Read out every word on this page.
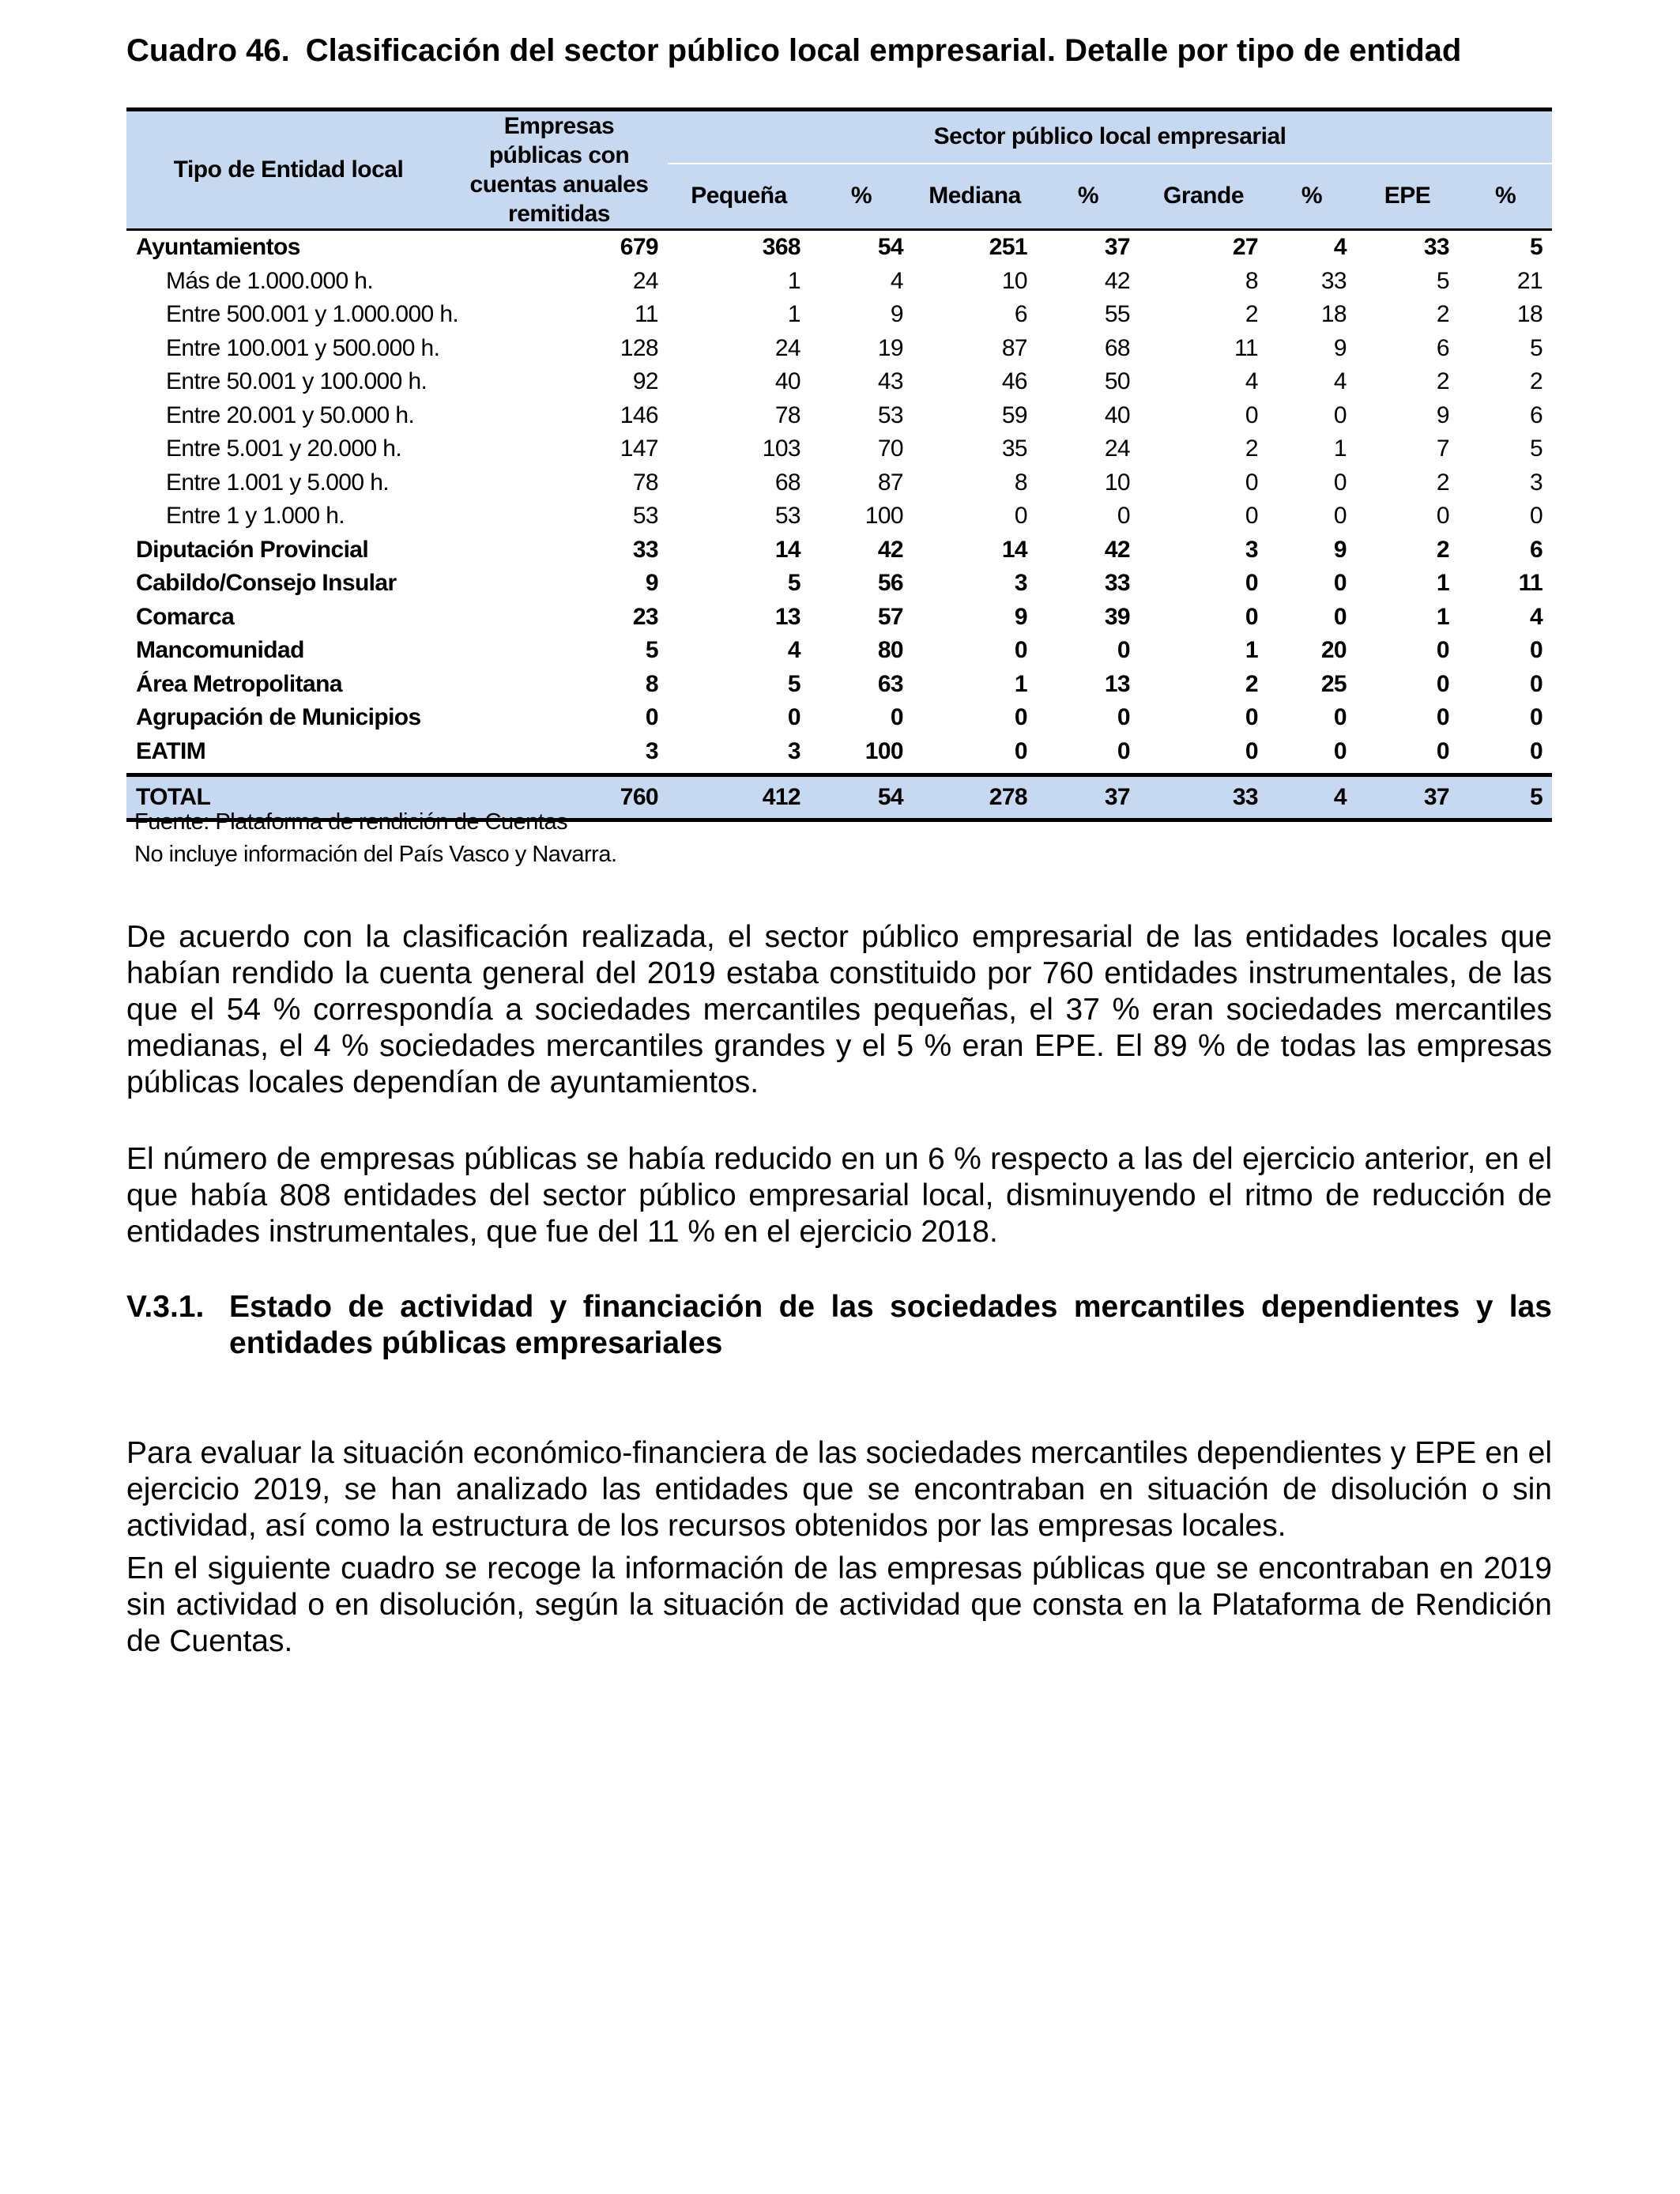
Cuadro 46. Clasificación del sector público local empresarial. Detalle por tipo de entidad
Tipo de Entidad local	Empresas públicas con cuentas anuales remitidas	Sector público local empresarial							
		Pequeña	%	Mediana	%	Grande	%	EPE	%
Ayuntamientos	679	368	54	251	37	27	4	33	5
Más de 1.000.000 h.	24	1	4	10	42	8	33	5	21
Entre 500.001 y 1.000.000 h.	11	1	9	6	55	2	18	2	18
Entre 100.001 y 500.000 h.	128	24	19	87	68	11	9	6	5
Entre 50.001 y 100.000 h.	92	40	43	46	50	4	4	2	2
Entre 20.001 y 50.000 h.	146	78	53	59	40	0	0	9	6
Entre 5.001 y 20.000 h.	147	103	70	35	24	2	1	7	5
Entre 1.001 y 5.000 h.	78	68	87	8	10	0	0	2	3
Entre 1 y 1.000 h.	53	53	100	0	0	0	0	0	0
Diputación Provincial	33	14	42	14	42	3	9	2	6
Cabildo/Consejo Insular	9	5	56	3	33	0	0	1	11
Comarca	23	13	57	9	39	0	0	1	4
Mancomunidad	5	4	80	0	0	1	20	0	0
Área Metropolitana	8	5	63	1	13	2	25	0	0
Agrupación de Municipios	0	0	0	0	0	0	0	0	0
EATIM	3	3	100	0	0	0	0	0	0
TOTAL	760	412	54	278	37	33	4	37	5
Fuente: Plataforma de rendición de Cuentas
No incluye información del País Vasco y Navarra.

De acuerdo con la clasificación realizada, el sector público empresarial de las entidades locales que habían rendido la cuenta general del 2019 estaba constituido por 760 entidades instrumentales, de las que el 54 % correspondía a sociedades mercantiles pequeñas, el 37 % eran sociedades mercantiles medianas, el 4 % sociedades mercantiles grandes y el 5 % eran EPE. El 89 % de todas las empresas públicas locales dependían de ayuntamientos.

El número de empresas públicas se había reducido en un 6 % respecto a las del ejercicio anterior, en el que había 808 entidades del sector público empresarial local, disminuyendo el ritmo de reducción de entidades instrumentales, que fue del 11 % en el ejercicio 2018.

V.3.1. Estado de actividad y financiación de las sociedades mercantiles dependientes y las entidades públicas empresariales

Para evaluar la situación económico-financiera de las sociedades mercantiles dependientes y EPE en el ejercicio 2019, se han analizado las entidades que se encontraban en situación de disolución o sin actividad, así como la estructura de los recursos obtenidos por las empresas locales.

En el siguiente cuadro se recoge la información de las empresas públicas que se encontraban en 2019 sin actividad o en disolución, según la situación de actividad que consta en la Plataforma de Rendición de Cuentas.
